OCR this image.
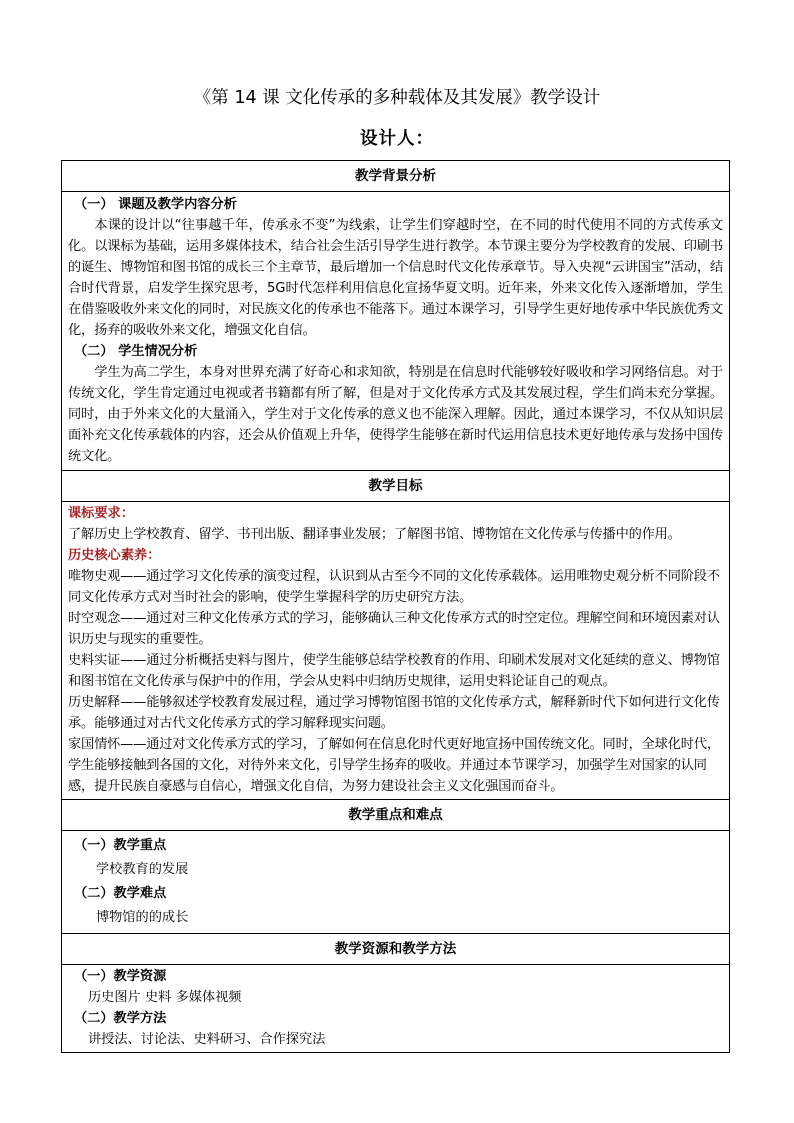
《第 14 课 文化传承的多种载体及其发展》教学设计
设计人：
教学背景分析
（一） 课题及教学内容分析
本课的设计以“往事越千年，传承永不变”为线索，让学生们穿越时空，在不同的时代使用不同的方式传承文化。以课标为基础，运用多媒体技术，结合社会生活引导学生进行教学。本节课主要分为学校教育的发展、印刷书的诞生、博物馆和图书馆的成长三个主章节，最后增加一个信息时代文化传承章节。导入央视“云讲国宝”活动，结合时代背景，启发学生探究思考，5G时代怎样利用信息化宣扬华夏文明。近年来，外来文化传入逐渐增加，学生在借鉴吸收外来文化的同时，对民族文化的传承也不能落下。通过本课学习，引导学生更好地传承中华民族优秀文化，扬弃的吸收外来文化，增强文化自信。
（二） 学生情况分析
学生为高二学生，本身对世界充满了好奇心和求知欲，特别是在信息时代能够较好吸收和学习网络信息。对于传统文化，学生肯定通过电视或者书籍都有所了解，但是对于文化传承方式及其发展过程，学生们尚未充分掌握。同时，由于外来文化的大量涌入，学生对于文化传承的意义也不能深入理解。因此，通过本课学习，不仅从知识层面补充文化传承载体的内容，还会从价值观上升华，使得学生能够在新时代运用信息技术更好地传承与发扬中国传统文化。
教学目标
课标要求：
了解历史上学校教育、留学、书刊出版、翻译事业发展；了解图书馆、博物馆在文化传承与传播中的作用。
历史核心素养：
唯物史观——通过学习文化传承的演变过程，认识到从古至今不同的文化传承载体。运用唯物史观分析不同阶段不同文化传承方式对当时社会的影响，使学生掌握科学的历史研究方法。
时空观念——通过对三种文化传承方式的学习，能够确认三种文化传承方式的时空定位。理解空间和环境因素对认识历史与现实的重要性。
史料实证——通过分析概括史料与图片，使学生能够总结学校教育的作用、印刷术发展对文化延续的意义、博物馆和图书馆在文化传承与保护中的作用，学会从史料中归纳历史规律，运用史料论证自己的观点。
历史解释——能够叙述学校教育发展过程，通过学习博物馆图书馆的文化传承方式，解释新时代下如何进行文化传承。能够通过对古代文化传承方式的学习解释现实问题。
家国情怀——通过对文化传承方式的学习，了解如何在信息化时代更好地宣扬中国传统文化。同时，全球化时代，学生能够接触到各国的文化，对待外来文化，引导学生扬弃的吸收。并通过本节课学习，加强学生对国家的认同感，提升民族自豪感与自信心，增强文化自信，为努力建设社会主义文化强国而奋斗。
教学重点和难点
（一）教学重点
学校教育的发展
（二）教学难点
博物馆的的成长
教学资源和教学方法
（一）教学资源
历史图片 史料 多媒体视频
（二）教学方法
讲授法、讨论法、史料研习、合作探究法
